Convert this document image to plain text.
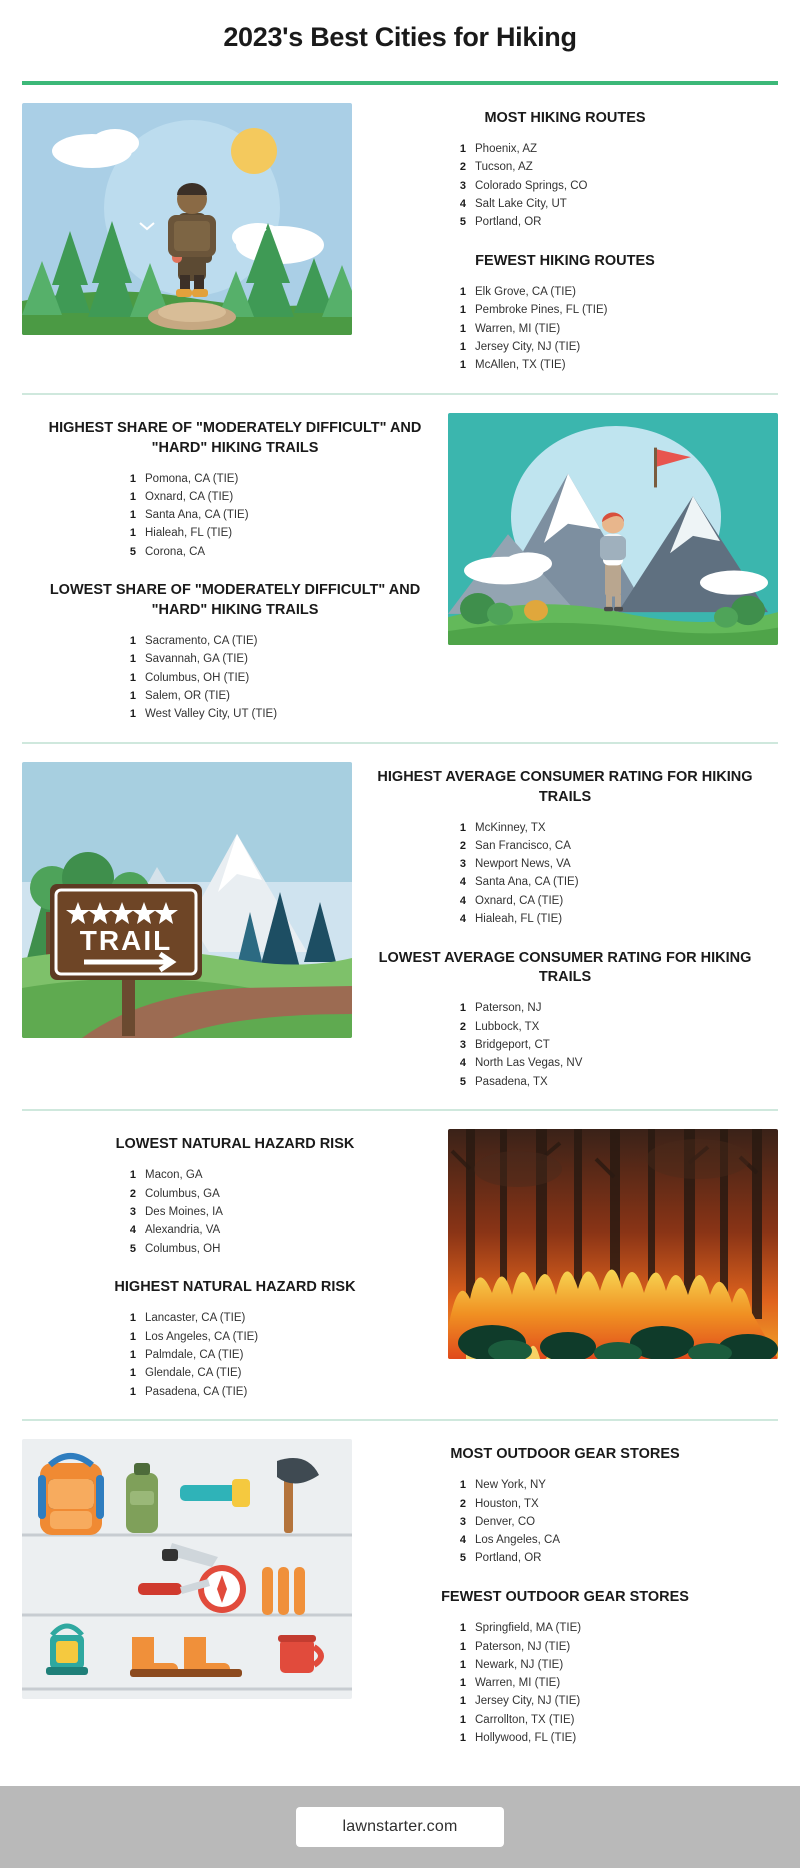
2023's Best Cities for Hiking
MOST HIKING ROUTES
1 Phoenix, AZ
2 Tucson, AZ
3 Colorado Springs, CO
4 Salt Lake City, UT
5 Portland, OR
FEWEST HIKING ROUTES
1 Elk Grove, CA (TIE)
1 Pembroke Pines, FL (TIE)
1 Warren, MI (TIE)
1 Jersey City, NJ (TIE)
1 McAllen, TX (TIE)
HIGHEST SHARE OF "MODERATELY DIFFICULT" AND "HARD" HIKING TRAILS
1 Pomona, CA (TIE)
1 Oxnard, CA (TIE)
1 Santa Ana, CA (TIE)
1 Hialeah, FL (TIE)
5 Corona, CA
LOWEST SHARE OF "MODERATELY DIFFICULT" AND "HARD" HIKING TRAILS
1 Sacramento, CA (TIE)
1 Savannah, GA (TIE)
1 Columbus, OH (TIE)
1 Salem, OR (TIE)
1 West Valley City, UT (TIE)
TRAIL
HIGHEST AVERAGE CONSUMER RATING FOR HIKING TRAILS
1 McKinney, TX
2 San Francisco, CA
3 Newport News, VA
4 Santa Ana, CA (TIE)
4 Oxnard, CA (TIE)
4 Hialeah, FL (TIE)
LOWEST AVERAGE CONSUMER RATING FOR HIKING TRAILS
1 Paterson, NJ
2 Lubbock, TX
3 Bridgeport, CT
4 North Las Vegas, NV
5 Pasadena, TX
LOWEST NATURAL HAZARD RISK
1 Macon, GA
2 Columbus, GA
3 Des Moines, IA
4 Alexandria, VA
5 Columbus, OH
HIGHEST NATURAL HAZARD RISK
1 Lancaster, CA (TIE)
1 Los Angeles, CA (TIE)
1 Palmdale, CA (TIE)
1 Glendale, CA (TIE)
1 Pasadena, CA (TIE)
MOST OUTDOOR GEAR STORES
1 New York, NY
2 Houston, TX
3 Denver, CO
4 Los Angeles, CA
5 Portland, OR
FEWEST OUTDOOR GEAR STORES
1 Springfield, MA (TIE)
1 Paterson, NJ (TIE)
1 Newark, NJ (TIE)
1 Warren, MI (TIE)
1 Jersey City, NJ (TIE)
1 Carrollton, TX (TIE)
1 Hollywood, FL (TIE)
lawnstarter.com
